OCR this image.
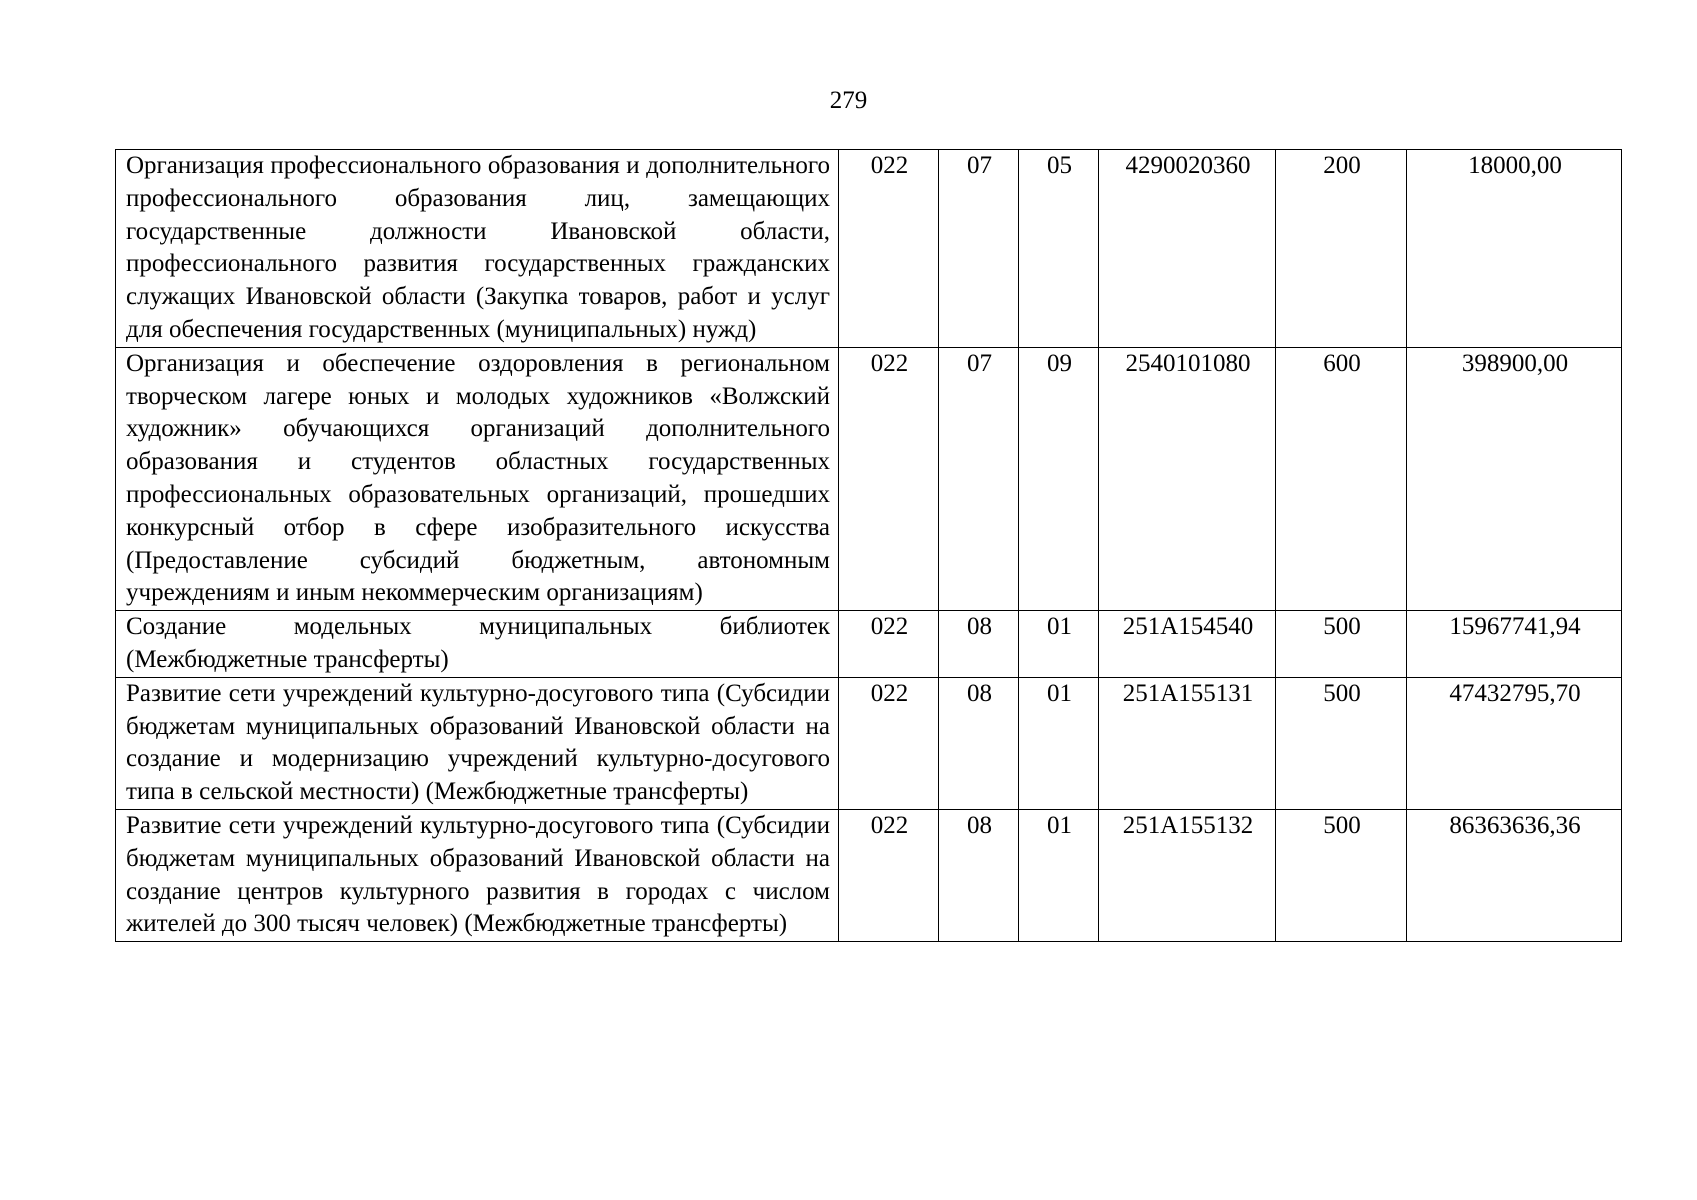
279
Организация профессионального образования и дополнительного профессионального образования лиц, замещающих государственные должности Ивановской области, профессионального развития государственных гражданских служащих Ивановской области (Закупка товаров, работ и услуг для обеспечения государственных (муниципальных) нужд)	022	07	05	4290020360	200	18000,00
Организация и обеспечение оздоровления в региональном творческом лагере юных и молодых художников «Волжский художник» обучающихся организаций дополнительного образования и студентов областных государственных профессиональных образовательных организаций, прошедших конкурсный отбор в сфере изобразительного искусства (Предоставление субсидий бюджетным, автономным учреждениям и иным некоммерческим организациям)	022	07	09	2540101080	600	398900,00
Создание модельных муниципальных библиотек (Межбюджетные трансферты)	022	08	01	251А154540	500	15967741,94
Развитие сети учреждений культурно-досугового типа (Субсидии бюджетам муниципальных образований Ивановской области на создание и модернизацию учреждений культурно-досугового типа в сельской местности) (Межбюджетные трансферты)	022	08	01	251А155131	500	47432795,70
Развитие сети учреждений культурно-досугового типа (Субсидии бюджетам муниципальных образований Ивановской области на создание центров культурного развития в городах с числом жителей до 300 тысяч человек) (Межбюджетные трансферты)	022	08	01	251А155132	500	86363636,36
